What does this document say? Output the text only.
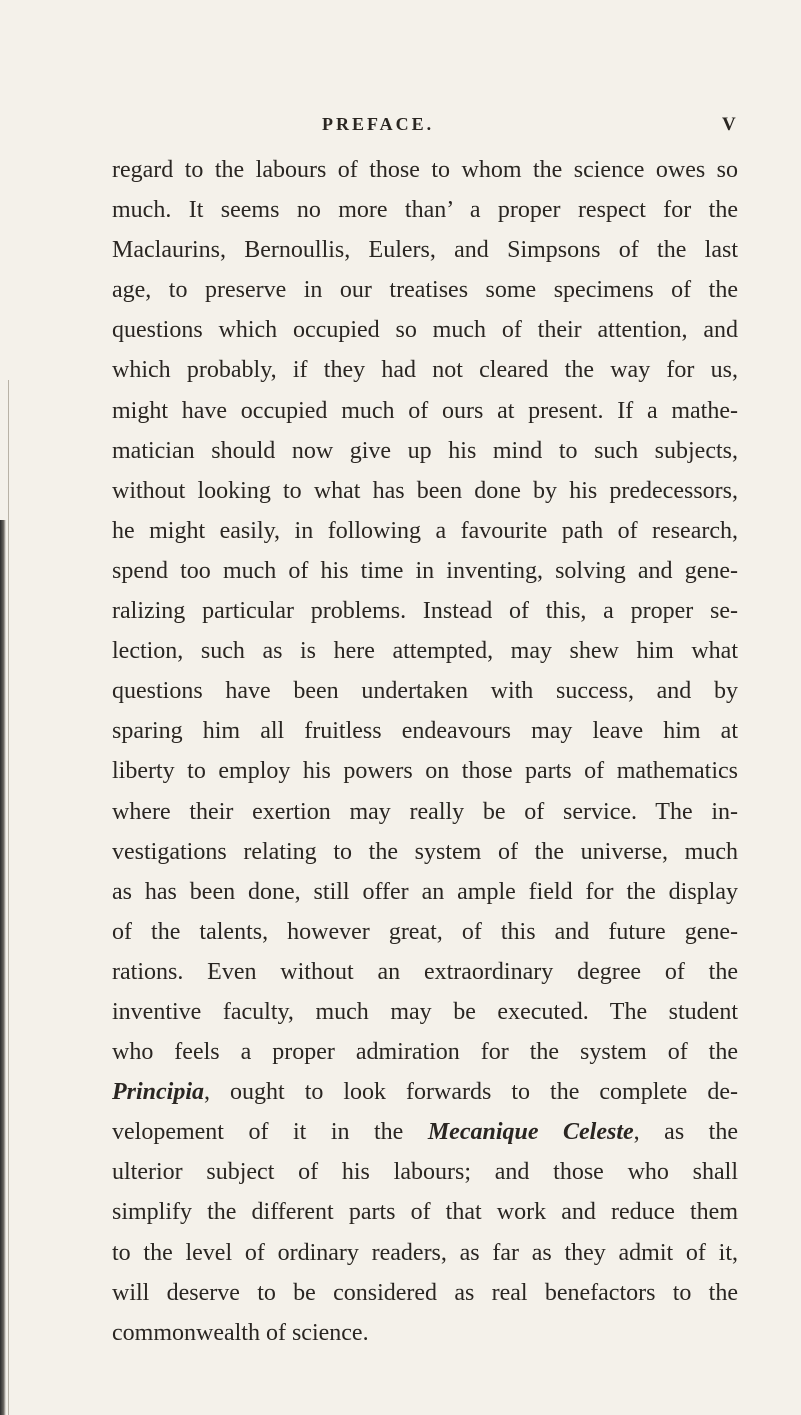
PREFACE.	V
regard to the labours of those to whom the science owes so
much. It seems no more than’ a proper respect for the
Maclaurins, Bernoullis, Eulers, and Simpsons of the last
age, to preserve in our treatises some specimens of the
questions which occupied so much of their attention, and
which probably, if they had not cleared the way for us,
might have occupied much of ours at present. If a mathe-
matician should now give up his mind to such subjects,
without looking to what has been done by his predecessors,
he might easily, in following a favourite path of research,
spend too much of his time in inventing, solving and gene-
ralizing particular problems. Instead of this, a proper se-
lection, such as is here attempted, may shew him what
questions have been undertaken with success, and by
sparing him all fruitless endeavours may leave him at
liberty to employ his powers on those parts of mathematics
where their exertion may really be of service. The in-
vestigations relating to the system of the universe, much
as has been done, still offer an ample field for the display
of the talents, however great, of this and future gene-
rations. Even without an extraordinary degree of the
inventive faculty, much may be executed. The student
who feels a proper admiration for the system of the
Principia, ought to look forwards to the complete de-
velopement of it in the Mecanique Celeste, as the
ulterior subject of his labours; and those who shall
simplify the different parts of that work and reduce them
to the level of ordinary readers, as far as they admit of it,
will deserve to be considered as real benefactors to the
commonwealth of science.
